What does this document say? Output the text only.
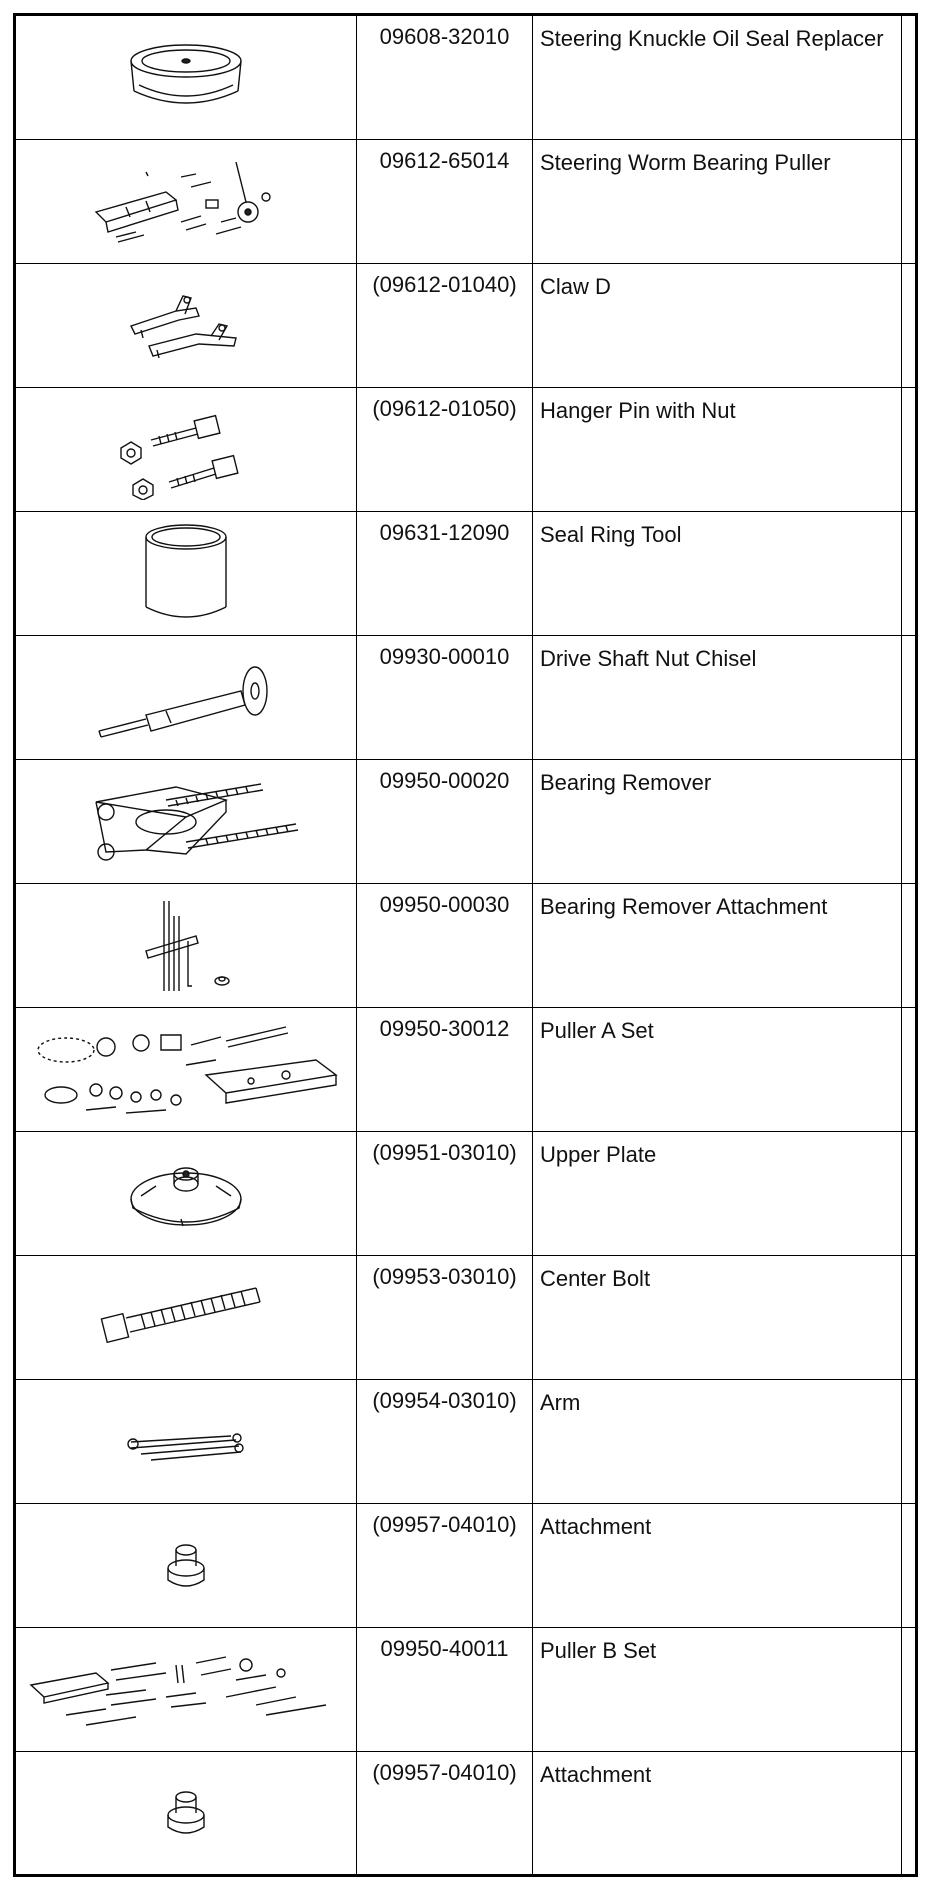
09608-32010	Steering Knuckle Oil Seal Replacer
09612-65014	Steering Worm Bearing Puller
(09612-01040)	Claw D
(09612-01050)	Hanger Pin with Nut
09631-12090	Seal Ring Tool
09930-00010	Drive Shaft Nut Chisel
09950-00020	Bearing Remover
09950-00030	Bearing Remover Attachment
09950-30012	Puller A Set
(09951-03010)	Upper Plate
(09953-03010)	Center Bolt
(09954-03010)	Arm
(09957-04010)	Attachment
09950-40011	Puller B Set
(09957-04010)	Attachment
